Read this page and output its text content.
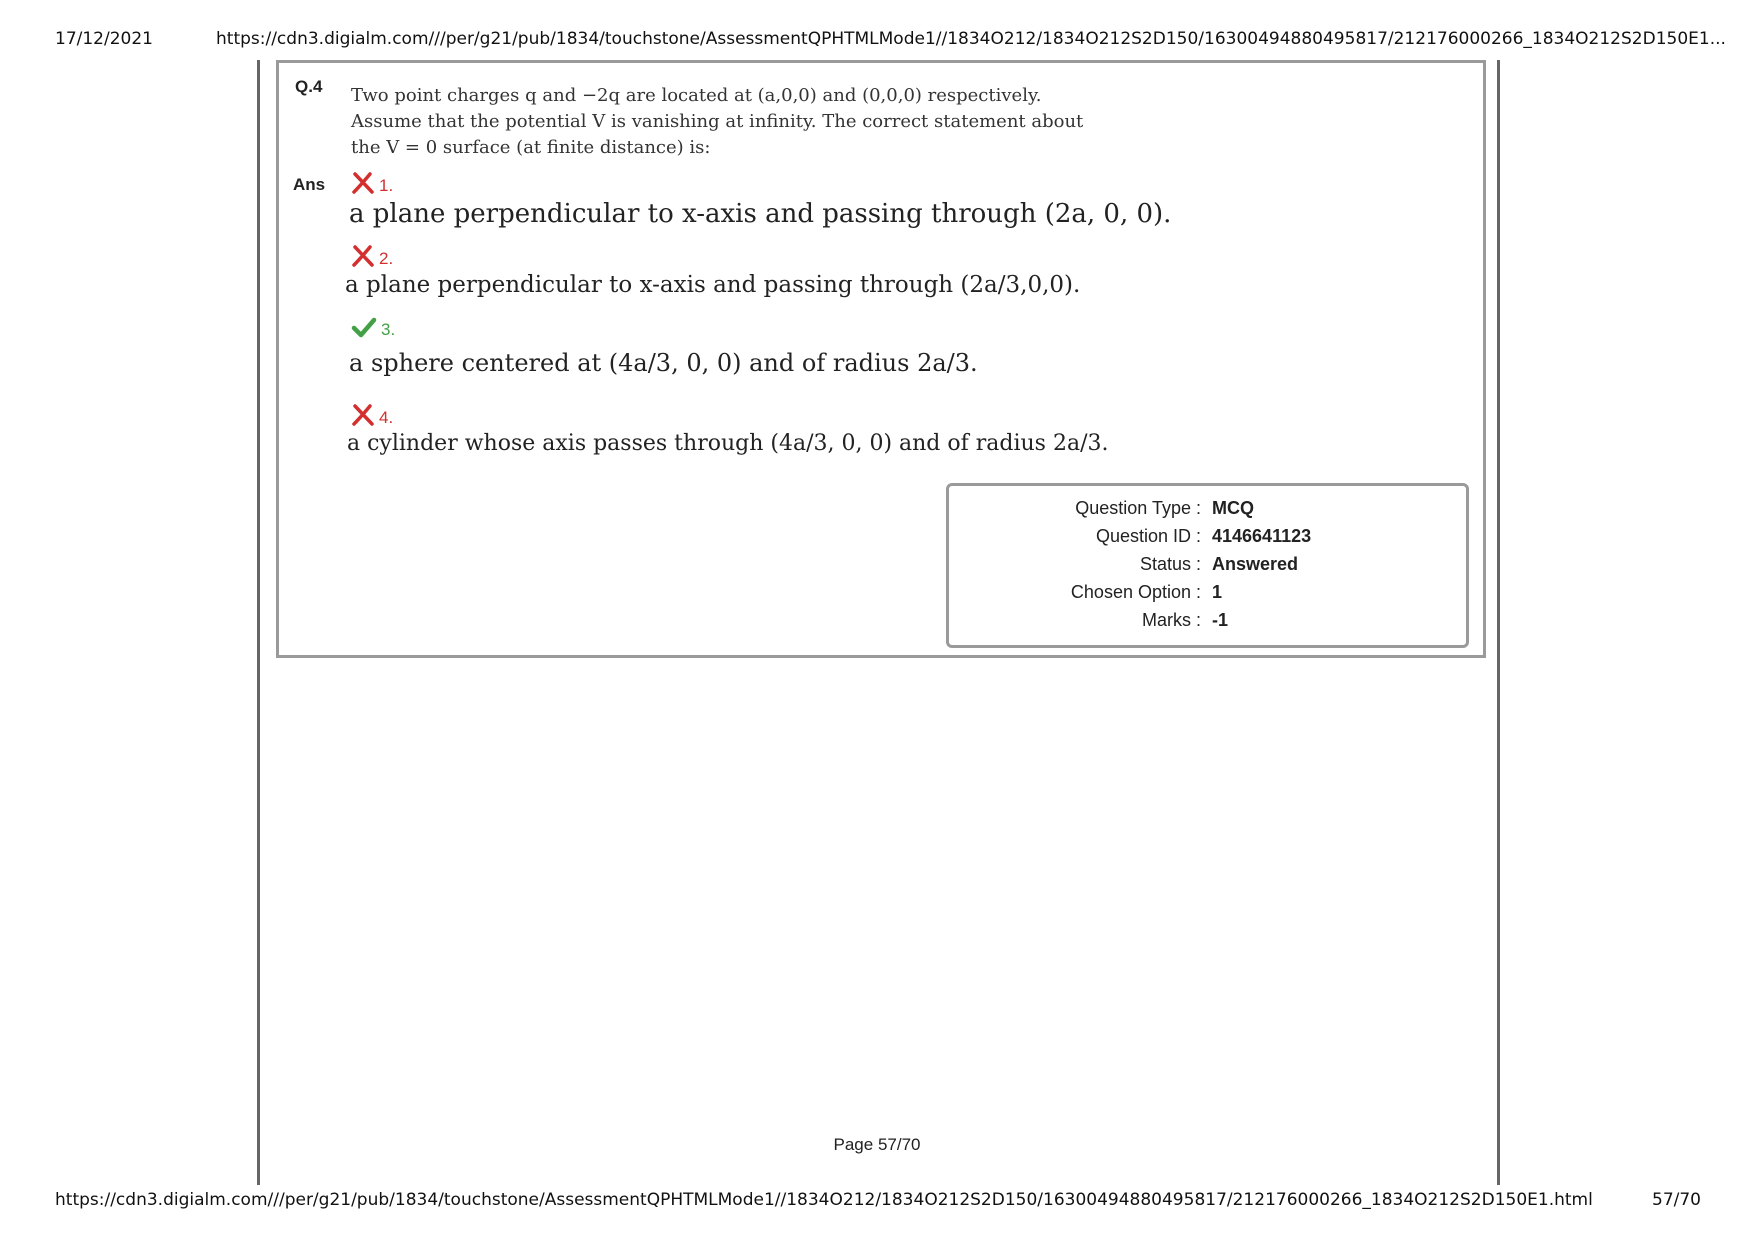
17/12/2021	https://cdn3.digialm.com///per/g21/pub/1834/touchstone/AssessmentQPHTMLMode1//1834O212/1834O212S2D150/16300494880495817/212176000266_1834O212S2D150E1...
Q.4 Two point charges q and −2q are located at (a,0,0) and (0,0,0) respectively. Assume that the potential V is vanishing at infinity. The correct statement about the V = 0 surface (at finite distance) is:
Ans	1.
a plane perpendicular to x-axis and passing through (2a, 0, 0).
2.
a plane perpendicular to x-axis and passing through (2a/3,0,0).
3.
a sphere centered at (4a/3, 0, 0) and of radius 2a/3.
4.
a cylinder whose axis passes through (4a/3, 0, 0) and of radius 2a/3.
Question Type : MCQ
Question ID : 4146641123
Status : Answered
Chosen Option : 1
Marks : -1
Page 57/70
https://cdn3.digialm.com///per/g21/pub/1834/touchstone/AssessmentQPHTMLMode1//1834O212/1834O212S2D150/16300494880495817/212176000266_1834O212S2D150E1.html	57/70
